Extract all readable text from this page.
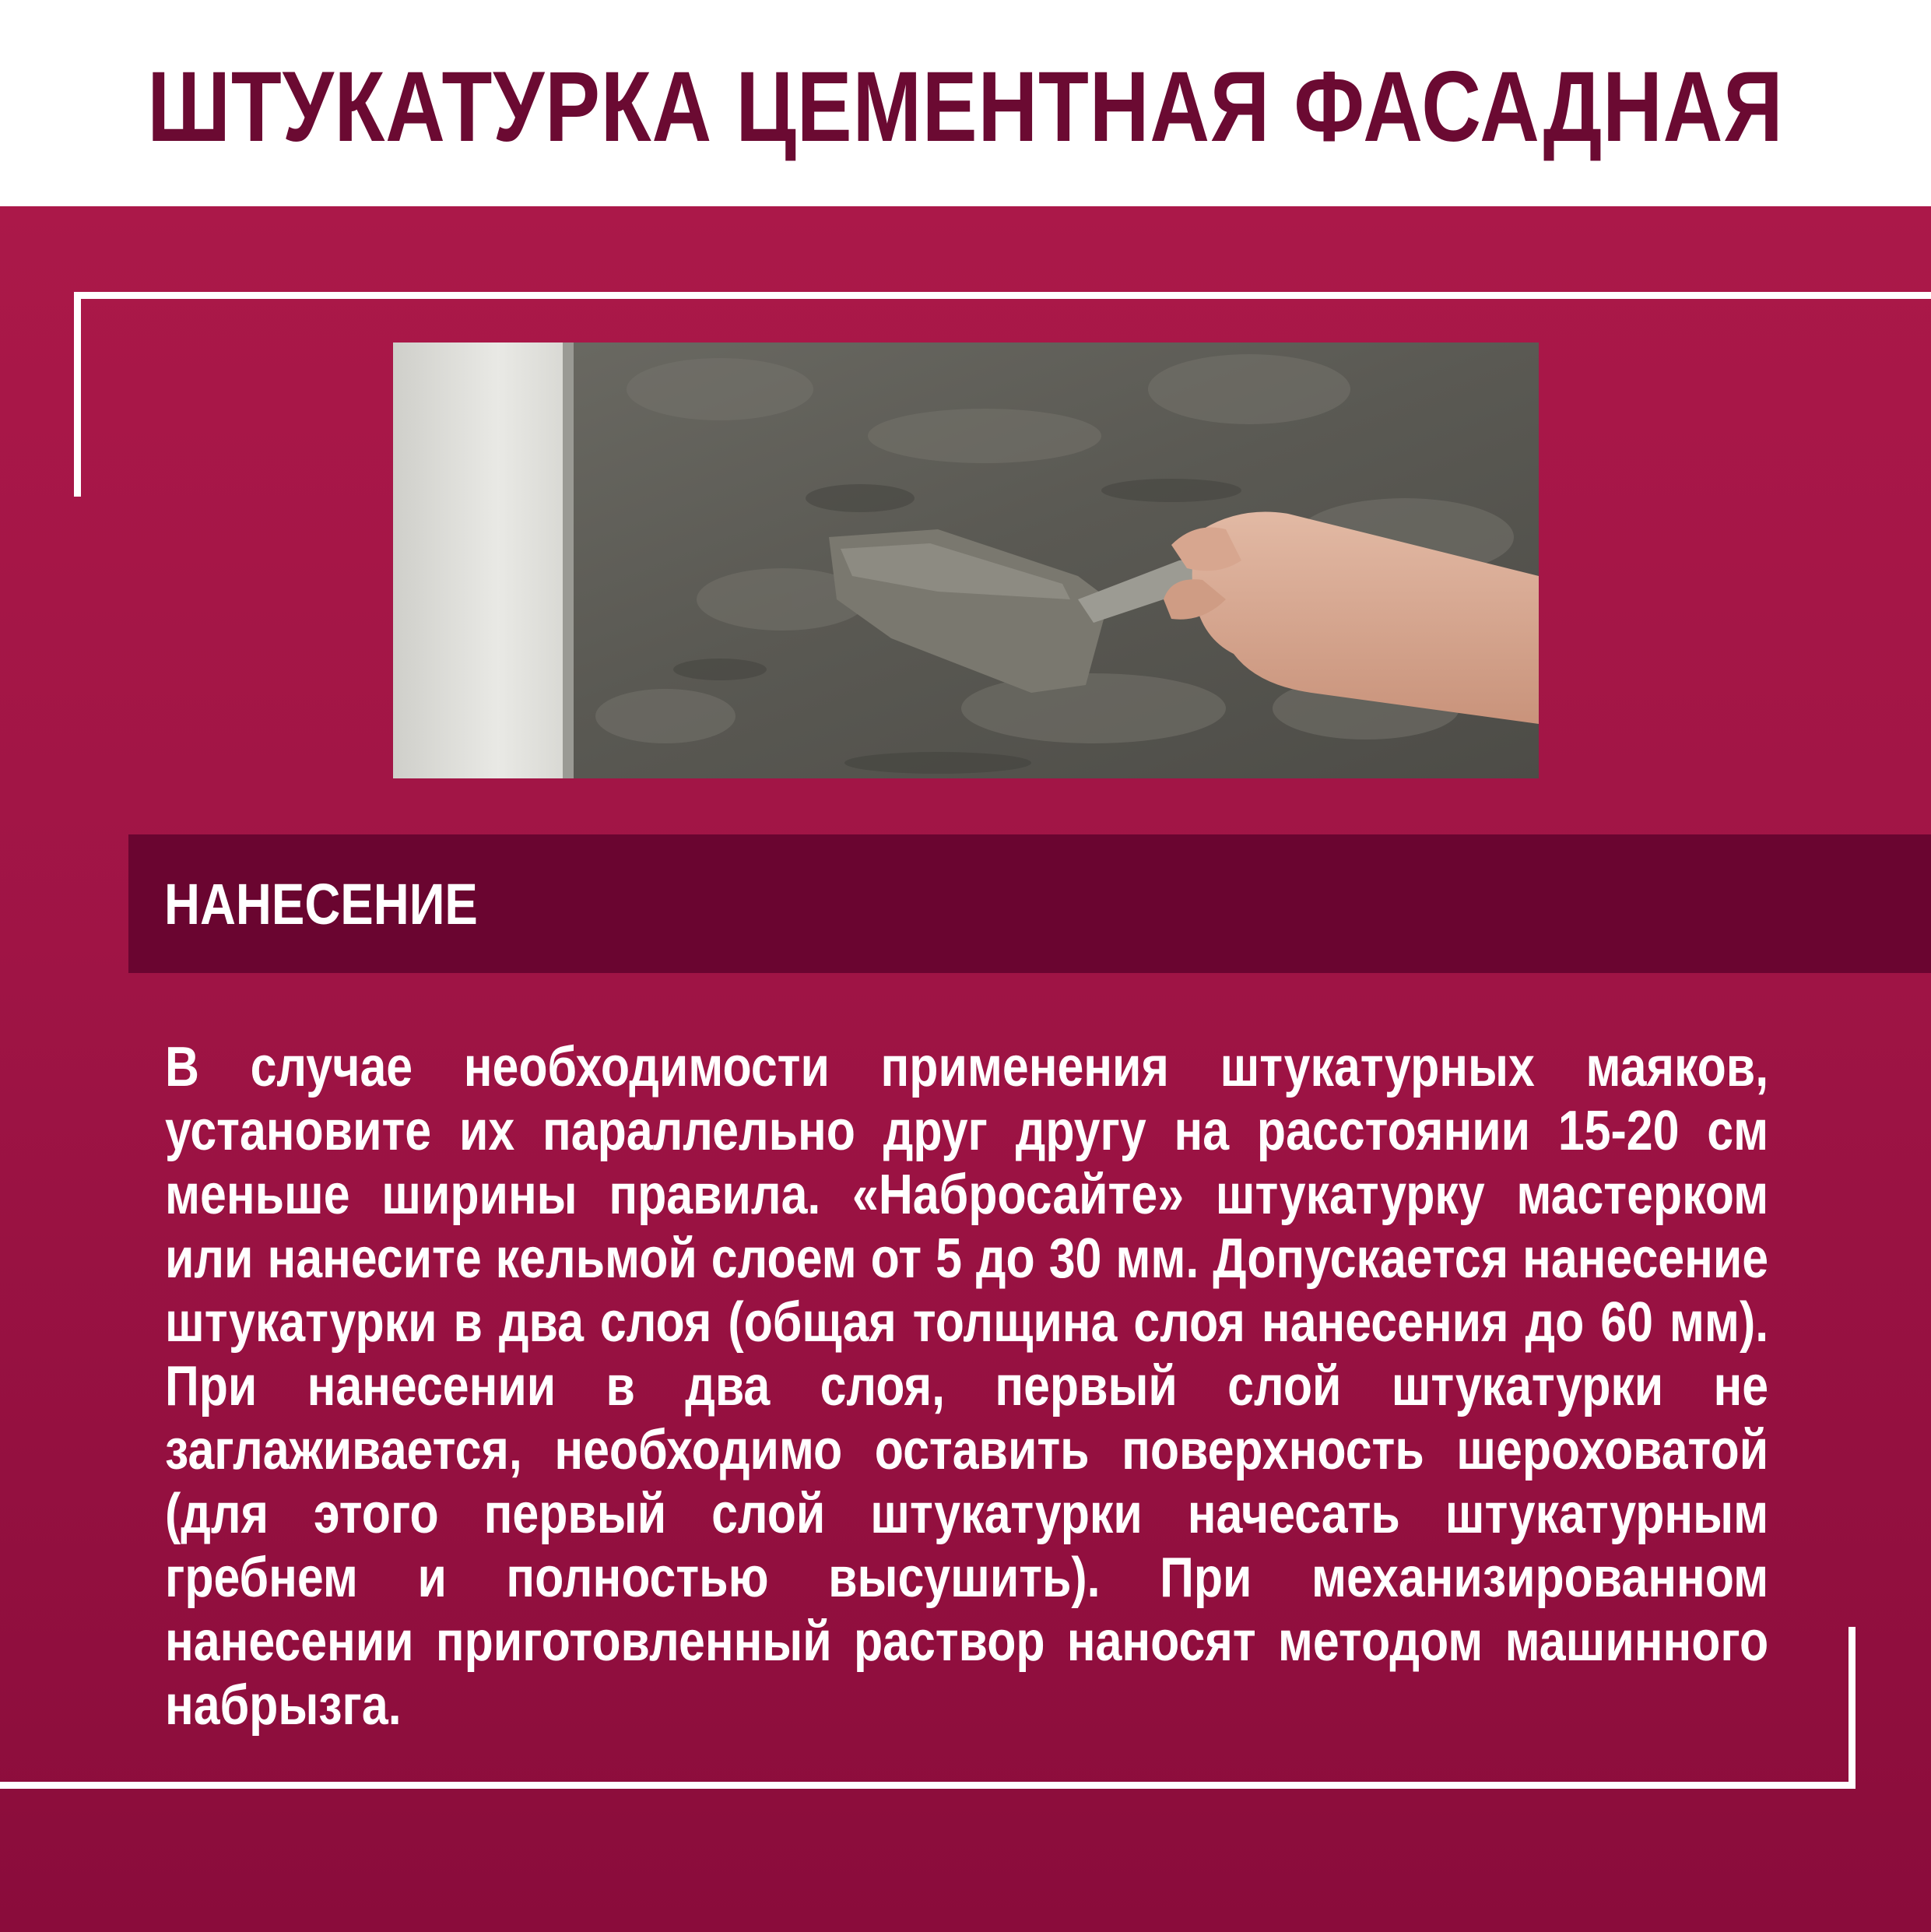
ШТУКАТУРКА ЦЕМЕНТНАЯ ФАСАДНАЯ
НАНЕСЕНИЕ

В случае необходимости применения штукатурных маяков, установите их параллельно друг другу на расстоянии 15-20 см меньше ширины правила. «Набросайте» штукатурку мастерком или нанесите кельмой слоем от 5 до 30 мм. Допускается нанесение штукатурки в два слоя (общая толщина слоя нанесения до 60 мм). При нанесении в два слоя, первый слой штукатурки не заглаживается, необходимо оставить поверхность шероховатой (для этого первый слой штукатурки начесать штукатурным гребнем и полностью высушить). При механизированном нанесении приготовленный раствор наносят методом машинного набрызга.
